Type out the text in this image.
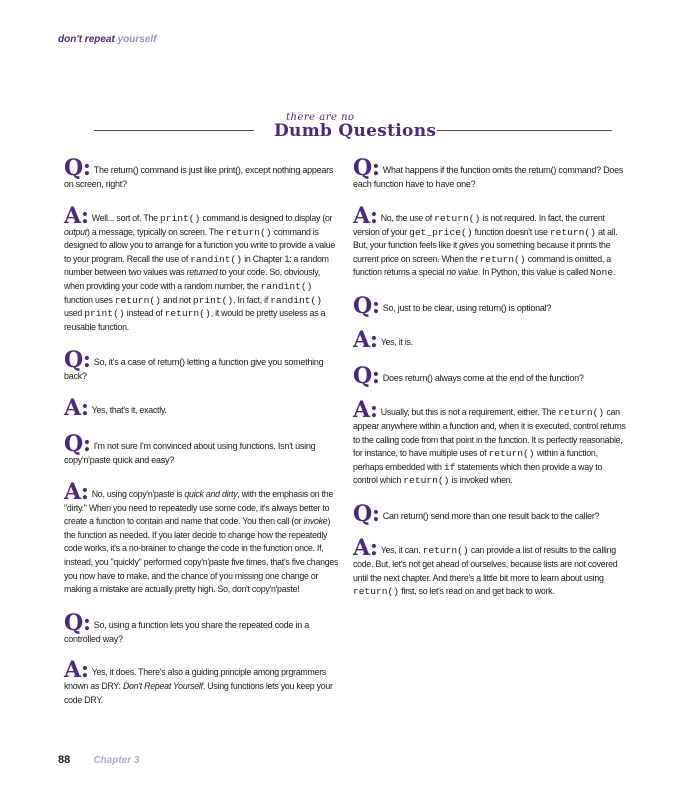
don't repeat yourself
there are no
Dumb Questions
Q: The return() command is just like print(), except nothing appears on screen, right?
A: Well... sort of. The print() command is designed to display (or output) a message, typically on screen. The return() command is designed to allow you to arrange for a function you write to provide a value to your program. Recall the use of randint() in Chapter 1: a random number between two values was returned to your code. So, obviously, when providing your code with a random number, the randint() function uses return() and not print(). In fact, if randint() used print() instead of return(), it would be pretty useless as a reusable function.
Q: So, it's a case of return() letting a function give you something back?
A: Yes, that's it, exactly.
Q: I'm not sure I'm convinced about using functions. Isn't using copy'n'paste quick and easy?
A: No, using copy'n'paste is quick and dirty, with the emphasis on the "dirty." When you need to repeatedly use some code, it's always better to create a function to contain and name that code. You then call (or invoke) the function as needed. If you later decide to change how the repeatedly code works, it's a no-brainer to change the code in the function once. If, instead, you "quickly" performed copy'n'paste five times, that's five changes you now have to make, and the chance of you missing one change or making a mistake are actually pretty high. So, don't copy'n'paste!
Q: So, using a function lets you share the repeated code in a controlled way?
A: Yes, it does. There's also a guiding principle among prgrammers known as DRY: Don't Repeat Yourself. Using functions lets you keep your code DRY.
Q: What happens if the function omits the return() command? Does each function have to have one?
A: No, the use of return() is not required. In fact, the current version of your get_price() function doesn't use return() at all. But, your function feels like it gives you something because it prints the current price on screen. When the return() command is omitted, a function returns a special no value. In Python, this value is called None.
Q: So, just to be clear, using return() is optional?
A: Yes, it is.
Q: Does return() always come at the end of the function?
A: Usually, but this is not a requirement, either. The return() can appear anywhere within a function and, when it is executed, control returns to the calling code from that point in the function. It is perfectly reasonable, for instance, to have multiple uses of return() within a function, perhaps embedded with if statements which then provide a way to control which return() is invoked when.
Q: Can return() send more than one result back to the caller?
A: Yes, it can. return() can provide a list of results to the calling code. But, let's not get ahead of ourselves, because lists are not covered until the next chapter. And there's a little bit more to learn about using return() first, so let's read on and get back to work.
88 Chapter 3
